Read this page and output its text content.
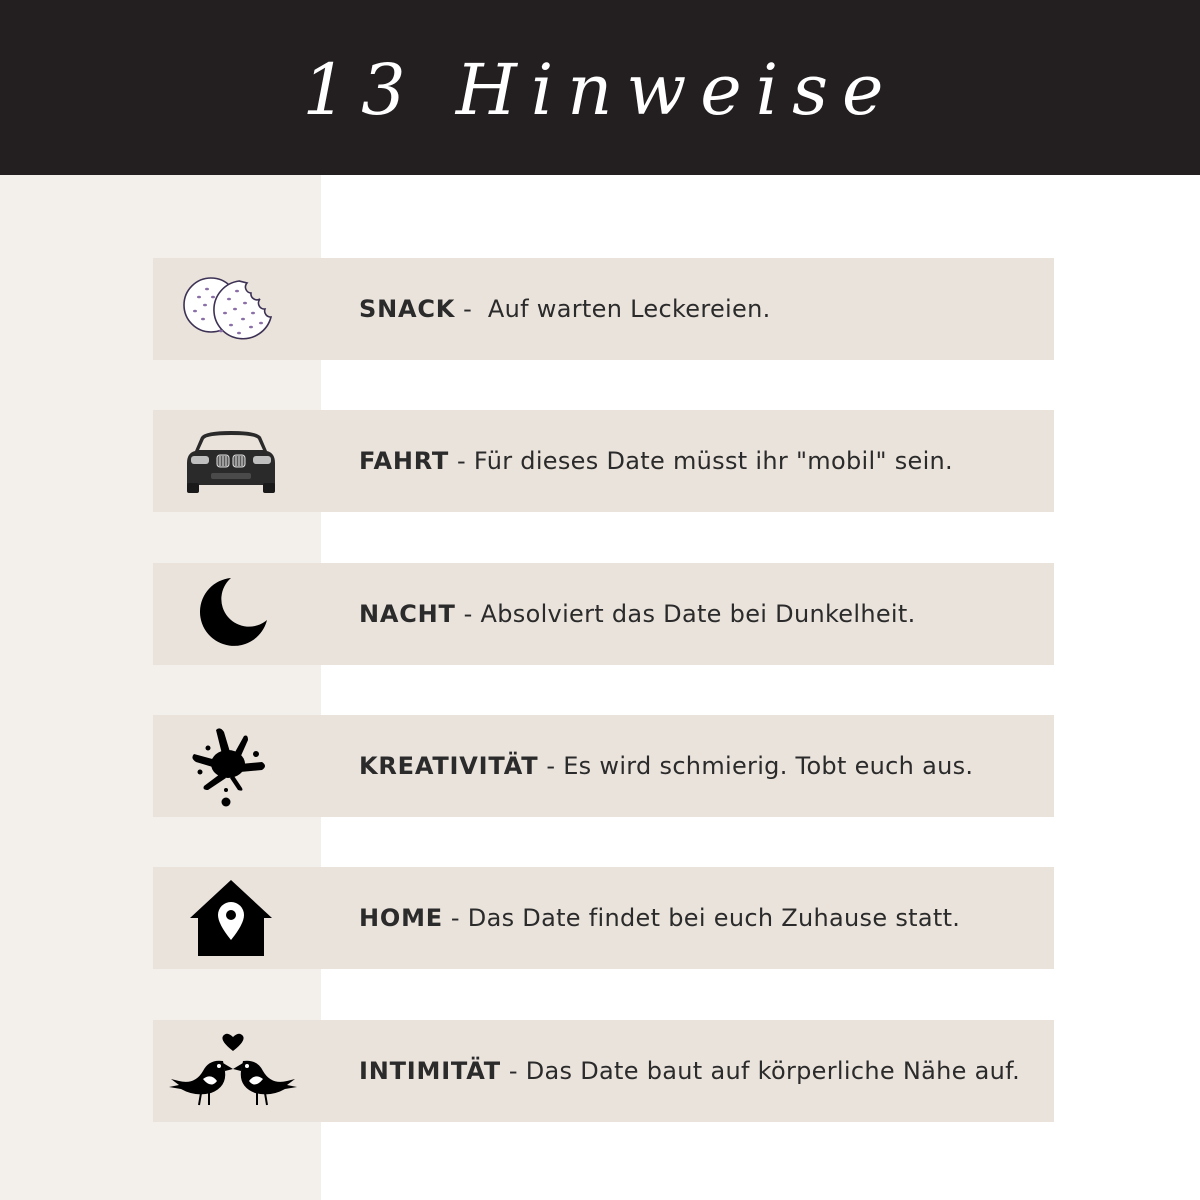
13 Hinweise
SNACK -  Auf warten Leckereien.
FAHRT - Für dieses Date müsst ihr "mobil" sein.
NACHT - Absolviert das Date bei Dunkelheit.
KREATIVITÄT - Es wird schmierig. Tobt euch aus.
HOME - Das Date findet bei euch Zuhause statt.
INTIMITÄT - Das Date baut auf körperliche Nähe auf.
